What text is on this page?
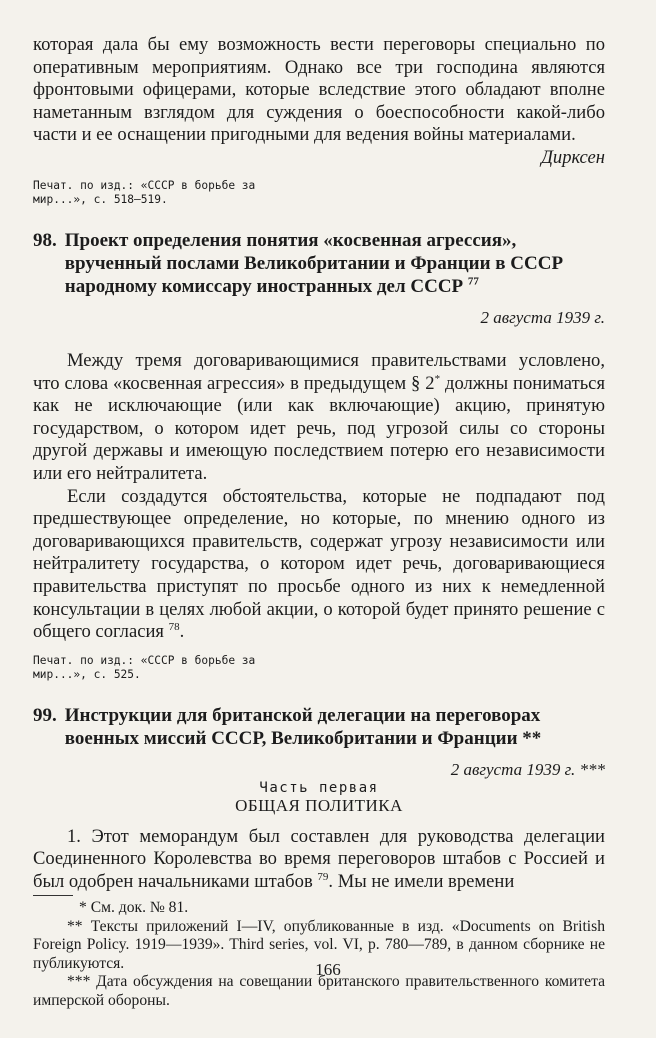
которая дала бы ему возможность вести переговоры специально по оперативным мероприятиям. Однако все три господина являются фронтовыми офицерами, которые вследствие этого обладают вполне наметанным взглядом для суждения о боеспособности какой-либо части и ее оснащении пригодными для ведения войны материалами.

Дирксен

Печат. по изд.: «СССР в борьбе за
мир...», с. 518—519.

98. Проект определения понятия «косвенная агрессия», врученный послами Великобритании и Франции в СССР народному комиссару иностранных дел СССР $^{77}$

2 августа 1939 г.

Между тремя договаривающимися правительствами условлено, что слова «косвенная агрессия» в предыдущем § 2* должны пониматься как не исключающие (или как включающие) акцию, принятую государством, о котором идет речь, под угрозой силы со стороны другой державы и имеющую последствием потерю его независимости или его нейтралитета.

Если создадутся обстоятельства, которые не подпадают под предшествующее определение, но которые, по мнению одного из договаривающихся правительств, содержат угрозу независимости или нейтралитету государства, о котором идет речь, договаривающиеся правительства приступят по просьбе одного из них к немедленной консультации в целях любой акции, о которой будет принято решение с общего согласия $^{78}$.

Печат. по изд.: «СССР в борьбе за
мир...», с. 525.

99. Инструкции для британской делегации на переговорах военных миссий СССР, Великобритании и Франции **

2 августа 1939 г. ***

Часть первая

ОБЩАЯ ПОЛИТИКА

1. Этот меморандум был составлен для руководства делегации Соединенного Королевства во время переговоров штабов с Россией и был одобрен начальниками штабов $^{79}$. Мы не имели времени

* См. док. № 81.

** Тексты приложений I—IV, опубликованные в изд. «Documents on British Foreign Policy. 1919—1939». Third series, vol. VI, p. 780—789, в данном сборнике не публикуются.

*** Дата обсуждения на совещании британского правительственного комитета имперской обороны.

166
